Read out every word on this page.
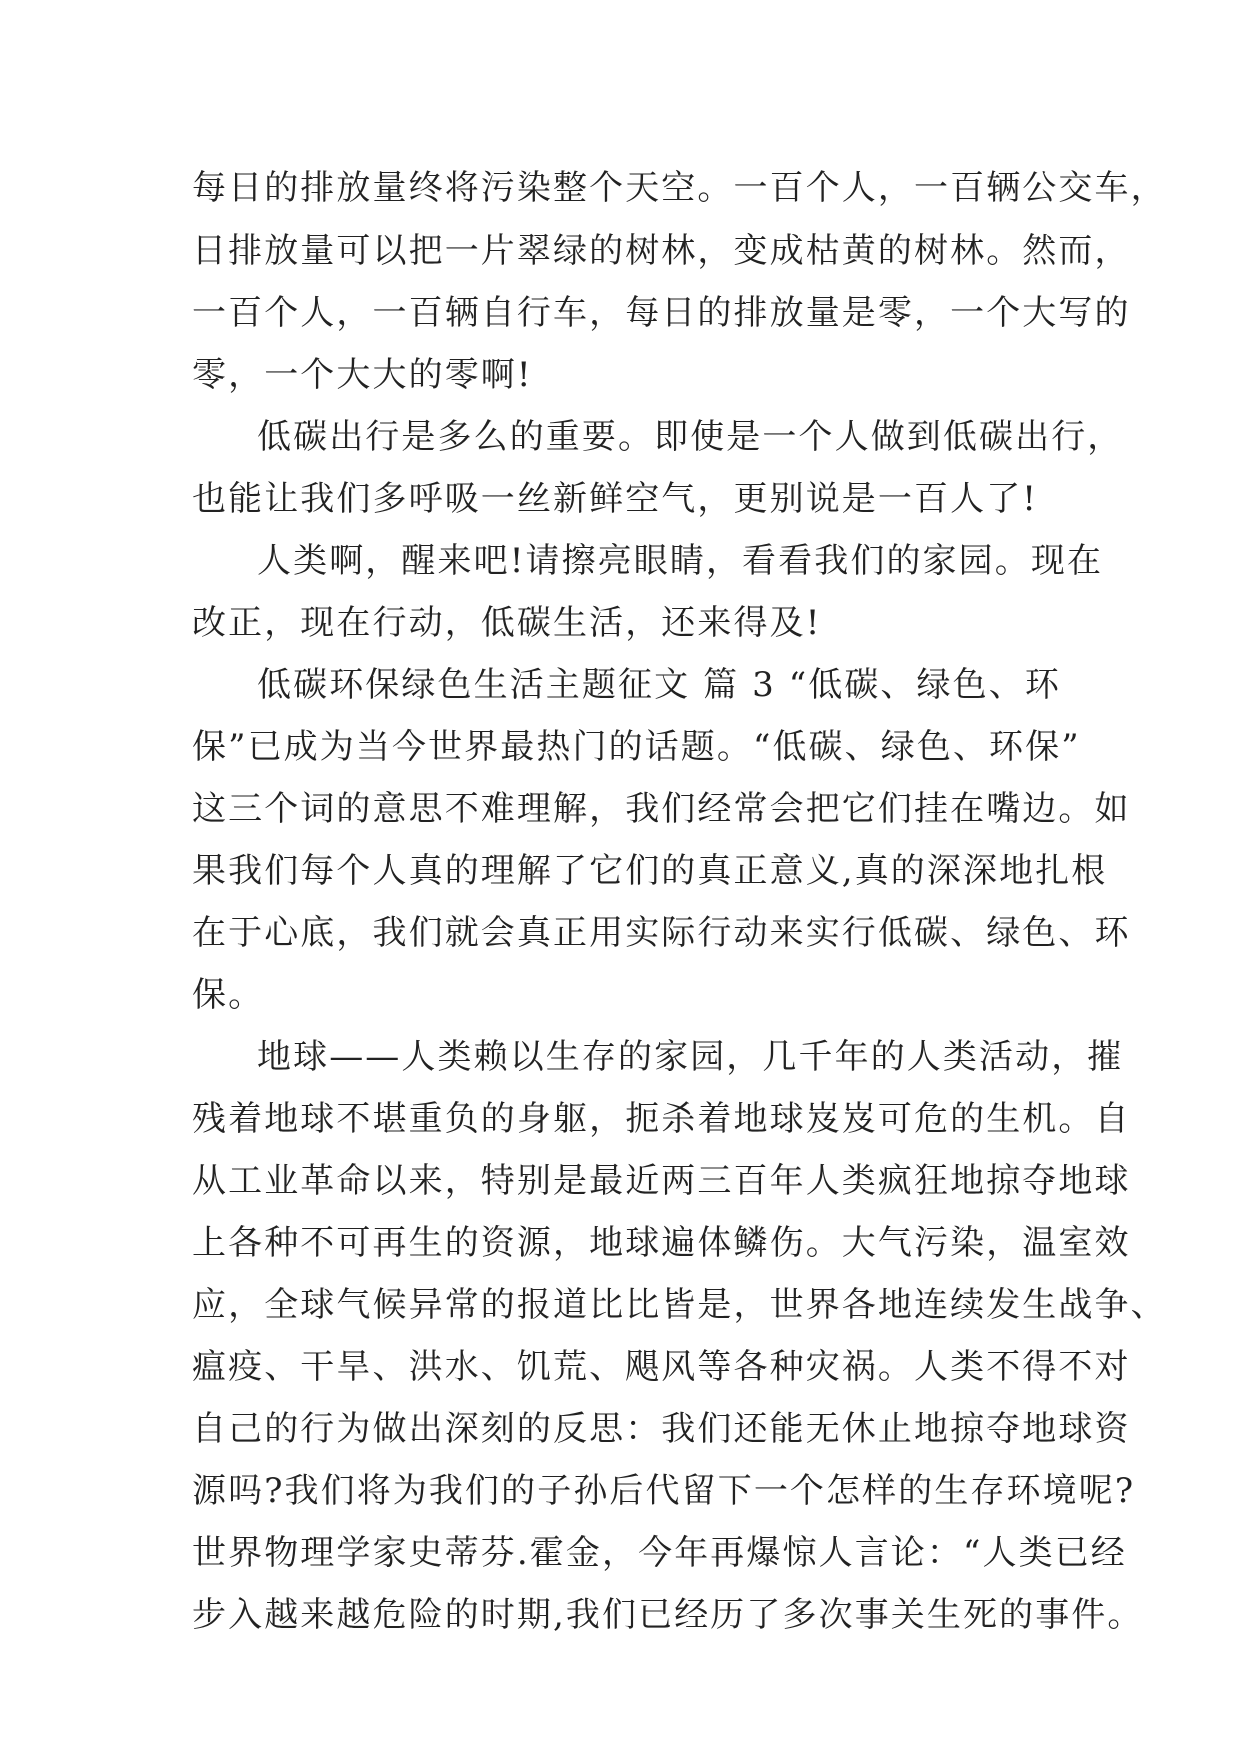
每日的排放量终将污染整个天空。一百个人，一百辆公交车，
日排放量可以把一片翠绿的树林，变成枯黄的树林。然而，
一百个人，一百辆自行车，每日的排放量是零，一个大写的
零，一个大大的零啊!
低碳出行是多么的重要。即使是一个人做到低碳出行，
也能让我们多呼吸一丝新鲜空气，更别说是一百人了!
人类啊，醒来吧!请擦亮眼睛，看看我们的家园。现在
改正，现在行动，低碳生活，还来得及!
低碳环保绿色生活主题征文 篇 3 “低碳、绿色、环
保”已成为当今世界最热门的话题。“低碳、绿色、环保”
这三个词的意思不难理解，我们经常会把它们挂在嘴边。如
果我们每个人真的理解了它们的真正意义,真的深深地扎根
在于心底，我们就会真正用实际行动来实行低碳、绿色、环
保。
地球——人类赖以生存的家园，几千年的人类活动，摧
残着地球不堪重负的身躯，扼杀着地球岌岌可危的生机。自
从工业革命以来，特别是最近两三百年人类疯狂地掠夺地球
上各种不可再生的资源，地球遍体鳞伤。大气污染，温室效
应，全球气候异常的报道比比皆是，世界各地连续发生战争、
瘟疫、干旱、洪水、饥荒、飓风等各种灾祸。人类不得不对
自己的行为做出深刻的反思：我们还能无休止地掠夺地球资
源吗?我们将为我们的子孙后代留下一个怎样的生存环境呢?
世界物理学家史蒂芬.霍金，今年再爆惊人言论：“人类已经
步入越来越危险的时期,我们已经历了多次事关生死的事件。
